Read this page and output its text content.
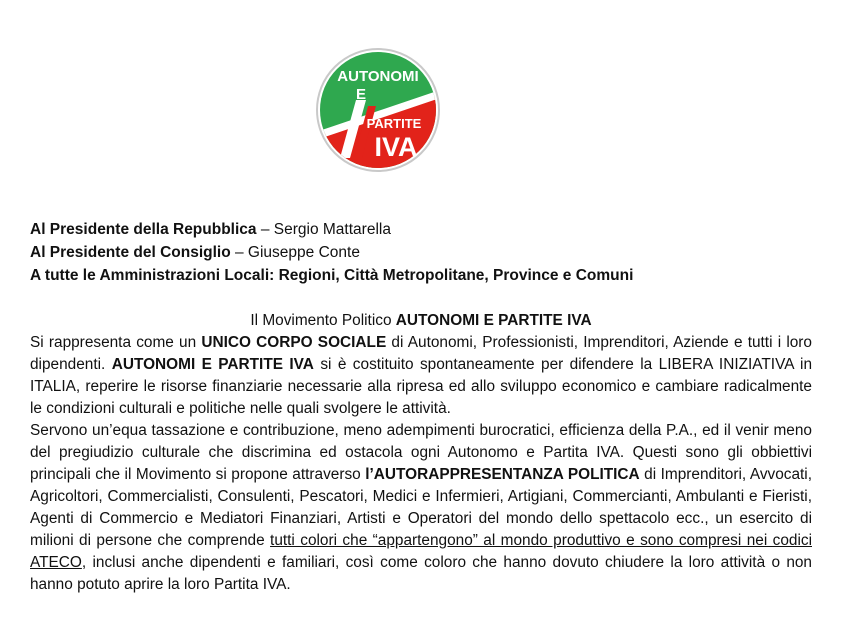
AUTONOMI
E
PARTITE
IVA
Al Presidente della Repubblica – Sergio Mattarella
Al Presidente del Consiglio – Giuseppe Conte
A tutte le Amministrazioni Locali: Regioni, Città Metropolitane, Province e Comuni

Il Movimento Politico AUTONOMI E PARTITE IVA

Si rappresenta come un UNICO CORPO SOCIALE di Autonomi, Professionisti, Imprenditori, Aziende e tutti i loro dipendenti. AUTONOMI E PARTITE IVA si è costituito spontaneamente per difendere la LIBERA INIZIATIVA in ITALIA, reperire le risorse finanziarie necessarie alla ripresa ed allo sviluppo economico e cambiare radicalmente le condizioni culturali e politiche nelle quali svolgere le attività.

Servono un’equa tassazione e contribuzione, meno adempimenti burocratici, efficienza della P.A., ed il venir meno del pregiudizio culturale che discrimina ed ostacola ogni Autonomo e Partita IVA. Questi sono gli obbiettivi principali che il Movimento si propone attraverso l’AUTORAPPRESENTANZA POLITICA di Imprenditori, Avvocati, Agricoltori, Commercialisti, Consulenti, Pescatori, Medici e Infermieri, Artigiani, Commercianti, Ambulanti e Fieristi, Agenti di Commercio e Mediatori Finanziari, Artisti e Operatori del mondo dello spettacolo ecc., un esercito di milioni di persone che comprende tutti colori che “appartengono” al mondo produttivo e sono compresi nei codici ATECO, inclusi anche dipendenti e familiari, così come coloro che hanno dovuto chiudere la loro attività o non hanno potuto aprire la loro Partita IVA.
